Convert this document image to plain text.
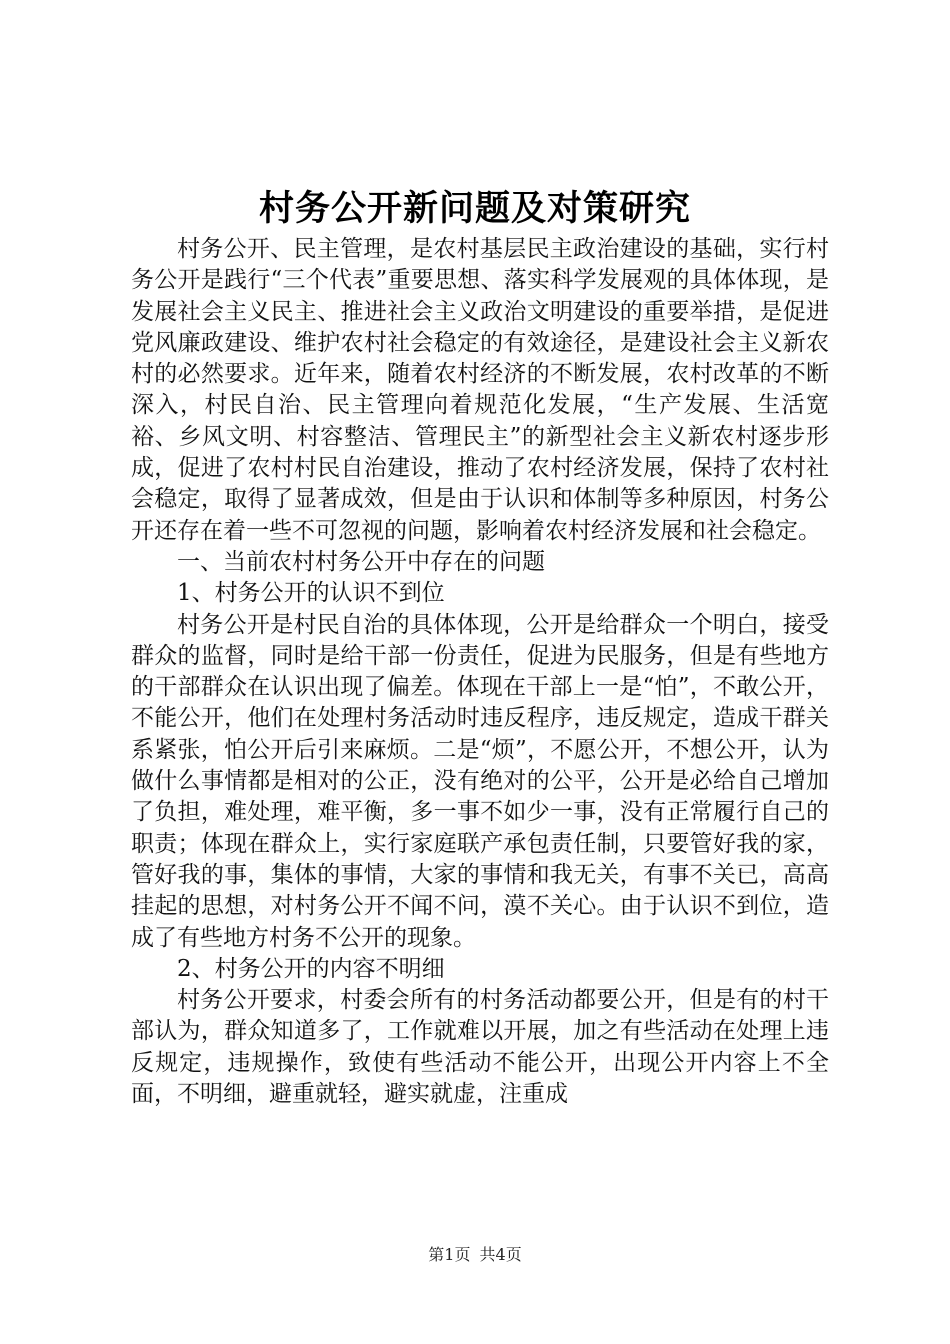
村务公开新问题及对策研究

村务公开、民主管理，是农村基层民主政治建设的基础，实行村务公开是践行“三个代表”重要思想、落实科学发展观的具体体现，是发展社会主义民主、推进社会主义政治文明建设的重要举措，是促进党风廉政建设、维护农村社会稳定的有效途径，是建设社会主义新农村的必然要求。近年来，随着农村经济的不断发展，农村改革的不断深入，村民自治、民主管理向着规范化发展，“生产发展、生活宽裕、乡风文明、村容整洁、管理民主”的新型社会主义新农村逐步形成，促进了农村村民自治建设，推动了农村经济发展，保持了农村社会稳定，取得了显著成效，但是由于认识和体制等多种原因，村务公开还存在着一些不可忽视的问题，影响着农村经济发展和社会稳定。

一、当前农村村务公开中存在的问题

1、村务公开的认识不到位

村务公开是村民自治的具体体现，公开是给群众一个明白，接受群众的监督，同时是给干部一份责任，促进为民服务，但是有些地方的干部群众在认识出现了偏差。体现在干部上一是“怕”，不敢公开，不能公开，他们在处理村务活动时违反程序，违反规定，造成干群关系紧张，怕公开后引来麻烦。二是“烦”，不愿公开，不想公开，认为做什么事情都是相对的公正，没有绝对的公平，公开是必给自己增加了负担，难处理，难平衡，多一事不如少一事，没有正常履行自己的职责；体现在群众上，实行家庭联产承包责任制，只要管好我的家，管好我的事，集体的事情，大家的事情和我无关，有事不关已，高高挂起的思想，对村务公开不闻不问，漠不关心。由于认识不到位，造成了有些地方村务不公开的现象。

2、村务公开的内容不明细

村务公开要求，村委会所有的村务活动都要公开，但是有的村干部认为，群众知道多了，工作就难以开展，加之有些活动在处理上违反规定，违规操作，致使有些活动不能公开，出现公开内容上不全面，不明细，避重就轻，避实就虚，注重成

第1页 共4页
